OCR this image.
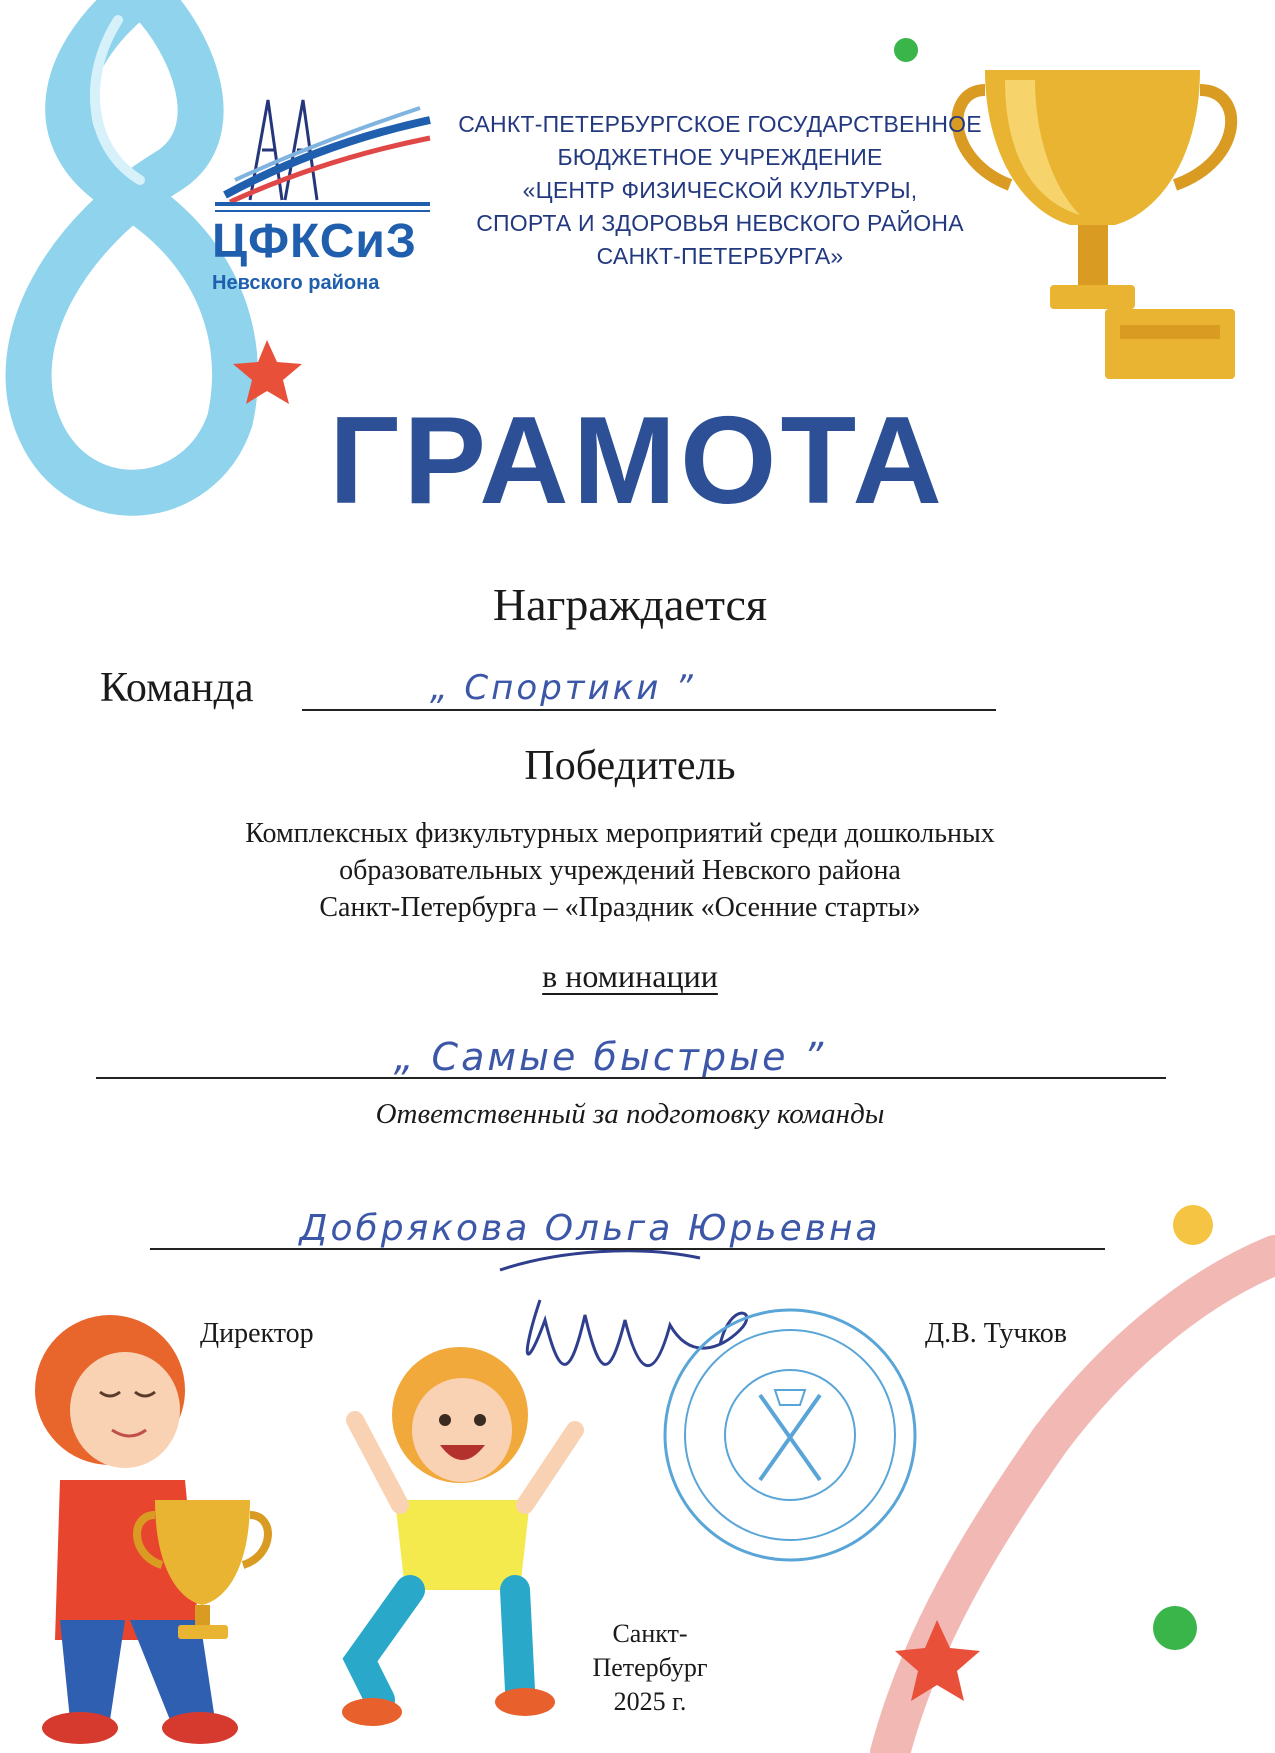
ЦФКСиЗ
Невского района
САНКТ-ПЕТЕРБУРГСКОЕ ГОСУДАРСТВЕННОЕ
БЮДЖЕТНОЕ УЧРЕЖДЕНИЕ
«ЦЕНТР ФИЗИЧЕСКОЙ КУЛЬТУРЫ,
СПОРТА И ЗДОРОВЬЯ НЕВСКОГО РАЙОНА
САНКТ-ПЕТЕРБУРГА»
ГРАМОТА
Награждается
Команда	„ Спортики ”
Победитель
Комплексных физкультурных мероприятий среди дошкольных
образовательных учреждений Невского района
Санкт-Петербурга – «Праздник «Осенние старты»
в номинации
„ Самые быстрые ”
Ответственный за подготовку команды
Добрякова Ольга Юрьевна
Директор	Д.В. Тучков
Санкт-Петербург
2025 г.
